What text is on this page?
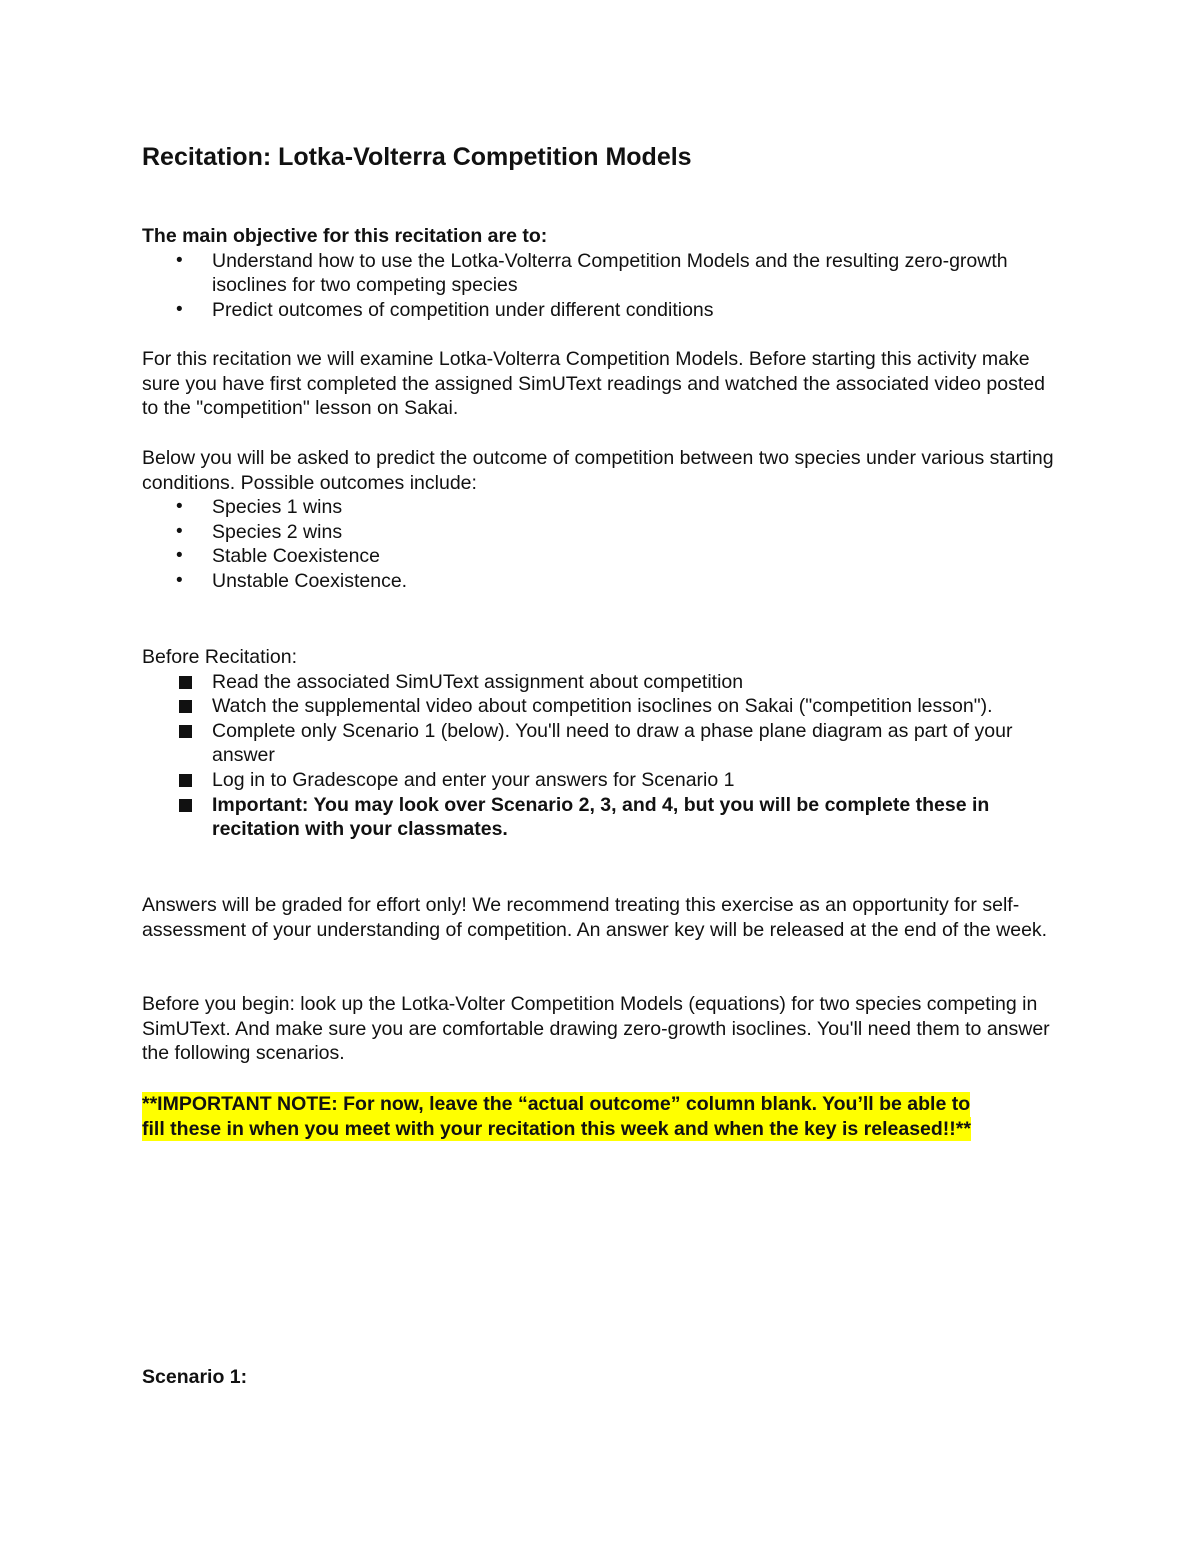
Recitation: Lotka-Volterra Competition Models

The main objective for this recitation are to:

• Understand how to use the Lotka-Volterra Competition Models and the resulting zero-growth isoclines for two competing species
• Predict outcomes of competition under different conditions

For this recitation we will examine Lotka-Volterra Competition Models. Before starting this activity make sure you have first completed the assigned SimUText readings and watched the associated video posted to the "competition" lesson on Sakai.

Below you will be asked to predict the outcome of competition between two species under various starting conditions. Possible outcomes include:

• Species 1 wins
• Species 2 wins
• Stable Coexistence
• Unstable Coexistence.

Before Recitation:

Read the associated SimUText assignment about competition
Watch the supplemental video about competition isoclines on Sakai ("competition lesson").
Complete only Scenario 1 (below). You'll need to draw a phase plane diagram as part of your answer
Log in to Gradescope and enter your answers for Scenario 1
Important: You may look over Scenario 2, 3, and 4, but you will be complete these in recitation with your classmates.

Answers will be graded for effort only! We recommend treating this exercise as an opportunity for self-assessment of your understanding of competition. An answer key will be released at the end of the week.

Before you begin: look up the Lotka-Volter Competition Models (equations) for two species competing in SimUText. And make sure you are comfortable drawing zero-growth isoclines. You'll need them to answer the following scenarios.

**IMPORTANT NOTE: For now, leave the “actual outcome” column blank. You’ll be able to

fill these in when you meet with your recitation this week and when the key is released!!**

Scenario 1:
